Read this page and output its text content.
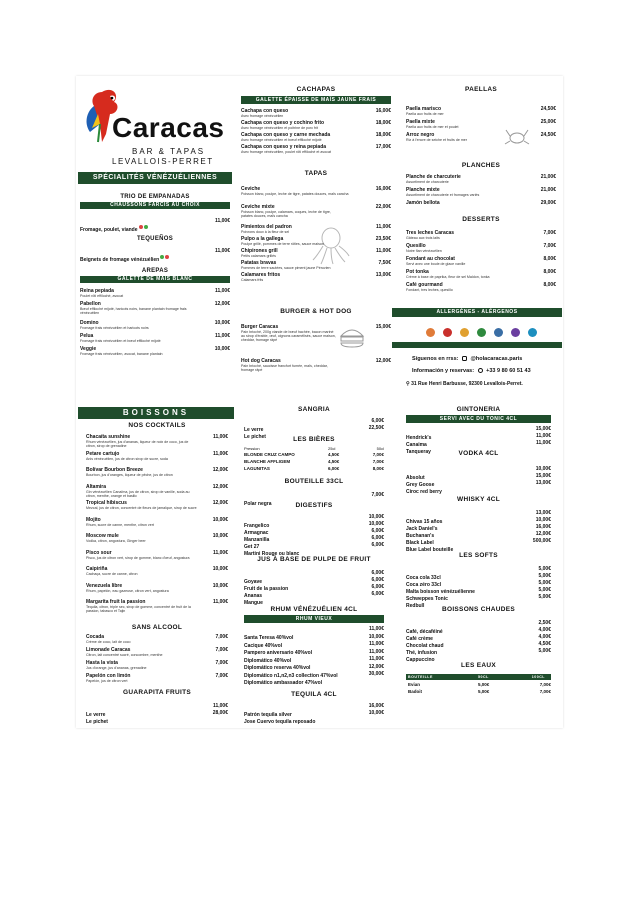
Caracas
BAR & TAPAS
LEVALLOIS-PERRET
SPÉCIALITÉS VÉNÉZUÉLIENNES
TRIO DE EMPANADAS
CHAUSSONS FARCIS AU CHOIX
Fromage, poulet, viande
11,00€
TEQUEÑOS
Beignets de fromage vénézuélien
11,00€
AREPAS
GALETTE DE MAÏS BLANC
Reina pepiada	11,00€
Poulet rôti effiloché, avocat
Pabellon	12,00€
Bœuf effiloché mijoté, haricots noirs, banane plantain fromage frais vénézuélien
Domino	10,00€
Fromage frais vénézuélien et haricots noirs
Pelua	11,00€
Fromage frais vénézuélien et bœuf effiloché mijoté
Veggie	10,00€
Fromage frais vénézuélien, avocat, banane plantain
CACHAPAS
GALETTE ÉPAISSE DE MAÏS JAUNE FRAIS
Cachapa con queso	16,00€
Avec fromage vénézuélien
Cachapa con queso y cochino frito	18,00€
Avec fromage vénézuélien et poitrine de porc frit
Cachapa con queso y carne mechada	18,00€
Avec fromage vénézuélien et bœuf effiloché mijoté
Cachapa con queso y reina pepiada	17,00€
Avec fromage vénézuélien, poulet rôti effiloché et avocat
TAPAS
Ceviche	16,00€
Poisson blanc, poulpe, leche de tigre, patates douces, maïs cancha
Ceviche mixte	22,00€
Poisson blanc, poulpe, calamars, coques, leche de tigre, patates douces, maïs cancha
Pimientos del padron	11,00€
Poivrons doux à la fleur de sel
Pulpo a la gallega	23,50€
Poulpe grillé, pommes de terre rôties, sauce maison
Chipirones grill	11,00€
Petits calamars grillés
Patatas bravas	7,50€
Pommes de terre sautées, sauce piment jaune Péruvien
Calamares fritos	13,00€
Calamars frits
BURGER & HOT DOG
Burger Caracas	15,00€
Pain brioché, 200g viande de bœuf hachée, bacon mariné au sirop d'érable, œuf, oignons caramélisés, sauce maison, cheddar, fromage râpé
Hot dog Caracas	12,00€
Pain brioché, saucisse francfort fumée, maïs, cheddar, fromage râpé
PAELLAS
Paella marisco	24,50€
Paella aux fruits de mer
Paella mixte	25,00€
Paella aux fruits de mer et poulet
Arroz negro	24,50€
Riz à l'encre de seiche et fruits de mer
PLANCHES
Planche de charcuterie	21,00€
Assortiment de charcuterie
Planche mixte	21,00€
Assortiment de charcuterie et fromages variés
Jamón bellota	29,00€
DESSERTS
Tres leches Caracas	7,00€
Gâteau aux trois laits
Quesillo	7,00€
Notre flan vénézuélien
Fondant au chocolat	8,00€
Servi avec une boule de glace vanille
Pot tonka	8,00€
Crème à base de paprika, fleur de sel Maldon, tonka
Café gourmand	8,00€
Fondant, tres leches, quesillo
ALLERGÈNES - ALÉRGENOS
Síguenos en rrss: @holacaracas.paris
Información y reservas: +33 9 80 60 51 43
⚲ 31 Rue Henri Barbusse, 92300 Levallois-Perret.
BOISSONS
NOS COCKTAILS
Chacaíta sunshine	11,00€
Rhum vénézuélien, jus d'ananas, liqueur de noix de coco, jus de citron, sirop de grenadine
Petare cartujo	11,00€
Anis vénézuélien, jus de citron sirop de sucre, soda
Bolívar Bourbon Breeze	12,00€
Bourbon, jus d'oranges, liqueur de pêche, jus de citron
Altamira	12,00€
Gin vénézuélien Canaïma, jus de citron, sirop de vanille, soda au citron, menthe, orange et basilic
Tropical hibiscus	12,00€
Mezcal, jus de citron, concentré de fleurs de jamaïque, sirop de sucre
Mojito	10,00€
Rhum, sucre de canne, menthe, citron vert
Moscow mule	10,00€
Vodka, citron, angostura, Ginger beer
Pisco sour	11,00€
Pisco, jus de citron vert, sirop de gomme, blanc d'œuf, angostura
Caipiriña	10,00€
Cachaça, sucre de canne, citron
Venezuela libre	10,00€
Rhum, papelón, eau gazeuse, citron vert, angostura
Margarita fruit la passion	11,00€
Tequila, citron, triple sec, sirop de gomme, concentré de fruit de la passion, tabasco et Tajin
SANS ALCOOL
Cocada	7,00€
Crème de coco, lait de coco
Limonade Caracas	7,00€
Citron, lait concentré sucré, concombre, menthe
Hasta la vista	7,00€
Jus d'orange, jus d'ananas, grenadine
Papelón con limón	7,00€
Papelón, jus de citron vert
GUARAPITA FRUITS
Le verre
11,00€
Le pichet
28,00€
SANGRIA
Le verre
6,00€
Le pichet
22,50€
LES BIÈRES
Pression	25cl	50cl
BLONDE CRUZ CAMPO	4,50€	7,00€
BLANCHE AFFLIGEM	4,50€	7,00€
LAGUNITAS	6,00€	8,00€
BOUTEILLE 33CL
Polar negra
7,00€
DIGESTIFS
Frangelico
10,00€
Armagnac
10,00€
Manzanilla
6,00€
Get 27
6,00€
Martini Rouge ou blanc
6,00€
JUS À BASE DE PULPE DE FRUIT
Goyave
6,00€
Fruit de la passion
6,00€
Ananas
6,00€
Mangue
6,00€
RHUM VÉNÉZUÉLIEN 4CL
RHUM VIEUX
Santa Teresa 40%vol
11,00€
Cacique 40%vol
10,00€
Pampero aniversario 40%vol
11,00€
Diplomático 40%vol
11,00€
Diplomático reserva 40%vol
11,00€
Diplomático n1,n2,n3 collection 47%vol
12,00€
Diplomático ambassador 47%vol
30,00€
TEQUILA 4CL
Patrón tequila silver
16,00€
Jose Cuervo tequila reposado
10,00€
GINTONERIA
SERVI AVEC DU TONIC 4CL
Hendrick's
15,00€
Canaima
11,00€
Tanqueray
11,00€
VODKA 4CL
Absolut
10,00€
Grey Goose
15,00€
Ciroc red berry
13,00€
WHISKY 4CL
Chivas 15 años
13,00€
Jack Daniel's
10,00€
Buchanan's
16,00€
Black Label
12,00€
Blue Label bouteille
500,00€
LES SOFTS
Coca cola 33cl
5,00€
Coca zéro 33cl
5,00€
Malta boisson vénézuélienne
5,00€
Schweppes Tonic
5,00€
Redbull
5,00€
BOISSONS CHAUDES
Café, décaféiné
2,50€
Café crème
4,00€
Chocolat chaud
4,00€
Thé, infusion
4,50€
Cappuccino
5,00€
LES EAUX
BOUTEILLE	50CL	100CL
Evian	5,00€	7,00€
Badoit	5,00€	7,00€
